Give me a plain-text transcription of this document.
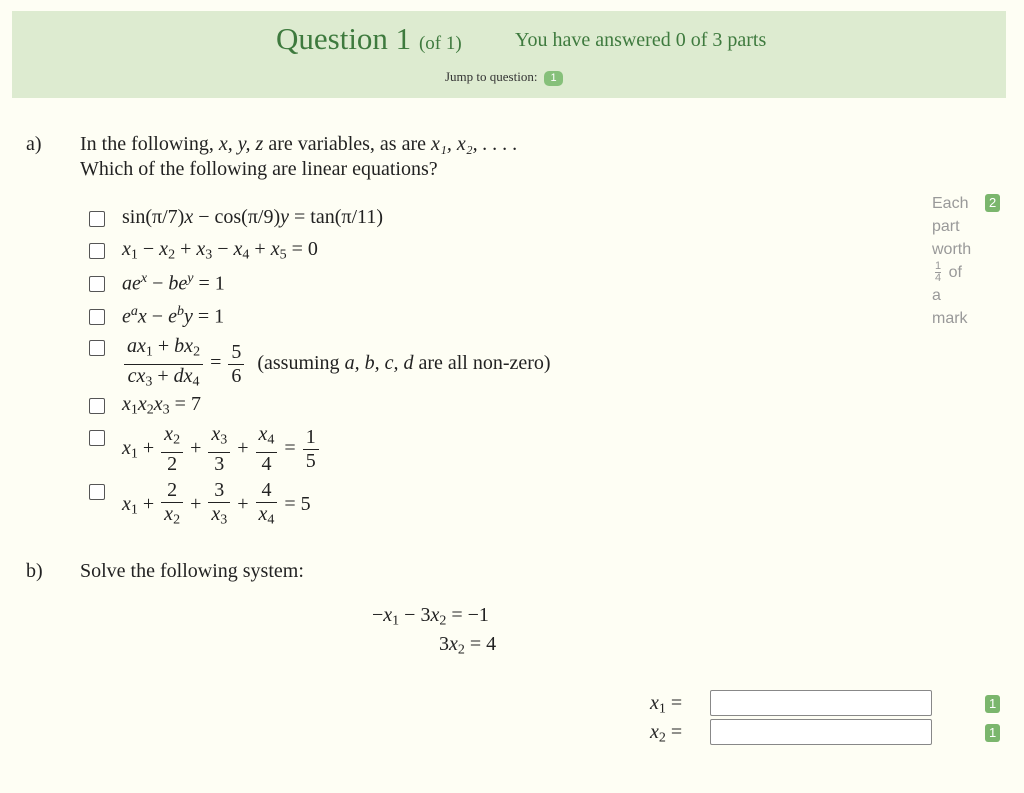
Question 1 (of 1)	You have answered 0 of 3 parts
Jump to question: 1
a) In the following, x, y, z are variables, as are x₁, x₂, . . . .
Which of the following are linear equations?
sin(π/7)x − cos(π/9)y = tan(π/11)
$x_1 - x_2 + x_3 - x_4 + x_5 = 0$
$ae^x - be^y = 1$
$e^ax - e^by = 1$
$\frac{ax_1 + bx_2}{cx_3 + dx_4} = \frac{5}{6}$ (assuming a, b, c, d are all non-zero)
$x_1x_2x_3 = 7$
$x_1 + \frac{x_2}{2} + \frac{x_3}{3} + \frac{x_4}{4} = \frac{1}{5}$
$x_1 + \frac{2}{x_2} + \frac{3}{x_3} + \frac{4}{x_4} = 5$
Each	2
part
worth
$\frac{1}{4}$ of
a
mark
b) Solve the following system:
$-x_1 - 3x_2 = -1$
$3x_2 = 4$
$x_1$ =	1
$x_2$ =	1
